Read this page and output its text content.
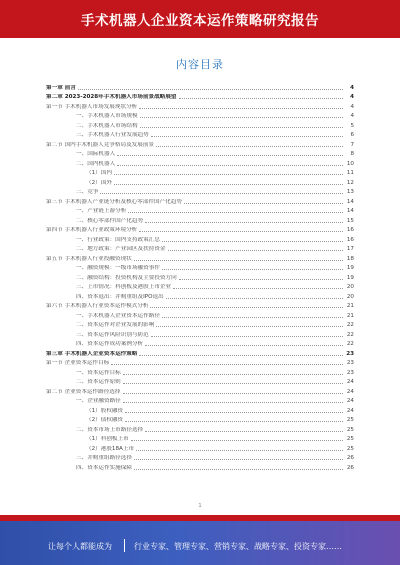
手术机器人企业资本运作策略研究报告
内容目录
第一章 前言	4
第二章 2023-2028年手术机器人市场前景战略展望	4
第一节 手术机器人市场发展现状分析	4
一、手术机器人市场规模	4
二、手术机器人市场结构	5
三、手术机器人行业发展趋势	6
第二节 国内手术机器人竞争格局及发展前景	7
一、国际机器人	8
二、国内机器人	10
（1）国内	11
（2）国外	12
三、竞争	13
第三节 手术机器人产业链分析及核心零部件国产化趋势	14
一、产业链上游分析	14
二、核心零部件国产化趋势	15
第四节 手术机器人行业政策环境分析	16
一、行业政策：国内支持政策汇总	16
二、地方政策：产业园区及扶持资金	17
第五节 手术机器人行业投融资现状	18
一、融资规模：一级市场融资事件	19
二、融资结构：投资机构及主要投资方向	19
三、上市情况：科创板及港股上市企业	20
四、资本退出：并购重组及IPO退出	20
第六节 手术机器人行业资本运作模式分析	21
一、手术机器人企业资本运作路径	21
二、资本运作对企业发展的影响	22
三、资本运作风险识别与防范	22
四、资本运作成功案例分析	22
第三章 手术机器人企业资本运作策略	23
第一节 企业资本运作目标	23
一、资本运作目标	23
二、资本运作原则	24
第二节 企业资本运作路径选择	24
一、企业融资路径	24
（1）股权融资	24
（2）债权融资	25
二、资本市场上市路径选择	25
（1）科创板上市	25
（2）港股18A上市	25
三、并购重组路径选择	26
四、资本运作实施保障	26
1
让每个人都能成为	行业专家、管理专家、营销专家、战略专家、投资专家……
